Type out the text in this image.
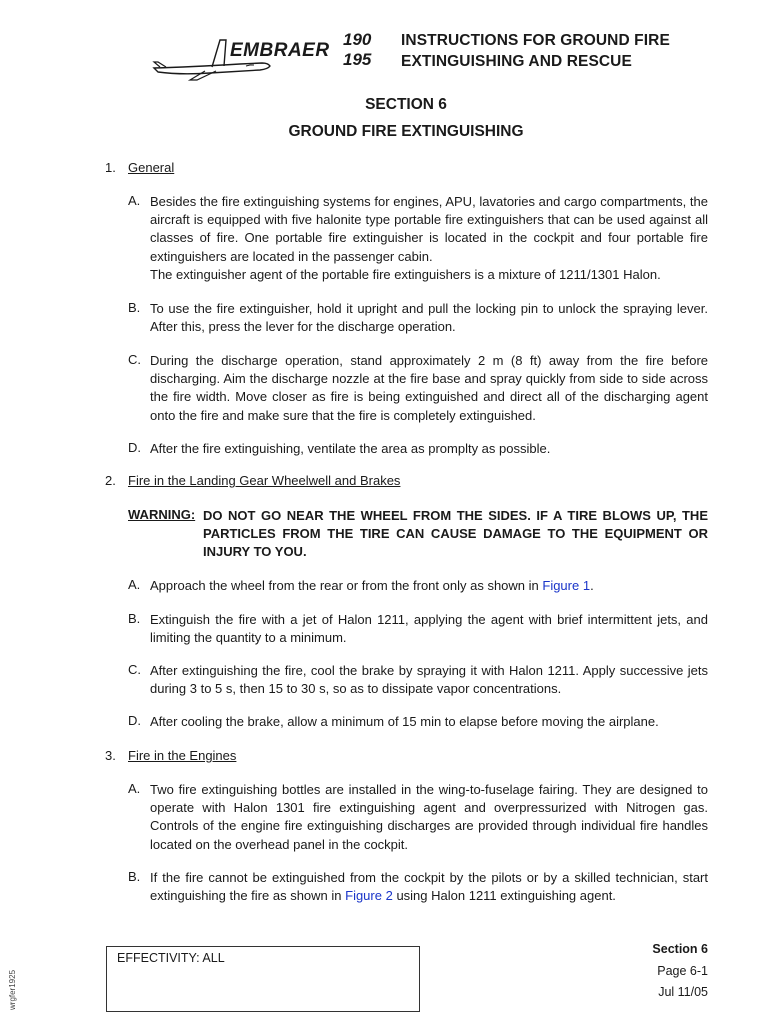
EMBRAER
190
195
INSTRUCTIONS FOR GROUND FIRE
EXTINGUISHING AND RESCUE
SECTION 6
GROUND FIRE EXTINGUISHING
1. General
A. Besides the fire extinguishing systems for engines, APU, lavatories and cargo compartments, the aircraft is equipped with five halonite type portable fire extinguishers that can be used against all classes of fire. One portable fire extinguisher is located in the cockpit and four portable fire extinguishers are located in the passenger cabin.
The extinguisher agent of the portable fire extinguishers is a mixture of 1211/1301 Halon.
B. To use the fire extinguisher, hold it upright and pull the locking pin to unlock the spraying lever. After this, press the lever for the discharge operation.
C. During the discharge operation, stand approximately 2 m (8 ft) away from the fire before discharging. Aim the discharge nozzle at the fire base and spray quickly from side to side across the fire width. Move closer as fire is being extinguished and direct all of the discharging agent onto the fire and make sure that the fire is completely extinguished.
D. After the fire extinguishing, ventilate the area as promplty as possible.
2. Fire in the Landing Gear Wheelwell and Brakes
WARNING: DO NOT GO NEAR THE WHEEL FROM THE SIDES. IF A TIRE BLOWS UP, THE PARTICLES FROM THE TIRE CAN CAUSE DAMAGE TO THE EQUIPMENT OR INJURY TO YOU.
A. Approach the wheel from the rear or from the front only as shown in Figure 1.
B. Extinguish the fire with a jet of Halon 1211, applying the agent with brief intermittent jets, and limiting the quantity to a minimum.
C. After extinguishing the fire, cool the brake by spraying it with Halon 1211. Apply successive jets during 3 to 5 s, then 15 to 30 s, so as to dissipate vapor concentrations.
D. After cooling the brake, allow a minimum of 15 min to elapse before moving the airplane.
3. Fire in the Engines
A. Two fire extinguishing bottles are installed in the wing-to-fuselage fairing. They are designed to operate with Halon 1301 fire extinguishing agent and overpressurized with Nitrogen gas. Controls of the engine fire extinguishing discharges are provided through individual fire handles located on the overhead panel in the cockpit.
B. If the fire cannot be extinguished from the cockpit by the pilots or by a skilled technician, start extinguishing the fire as shown in Figure 2 using Halon 1211 extinguishing agent.
EFFECTIVITY: ALL
Section 6
Page 6-1
Jul 11/05
wrgfer1925
